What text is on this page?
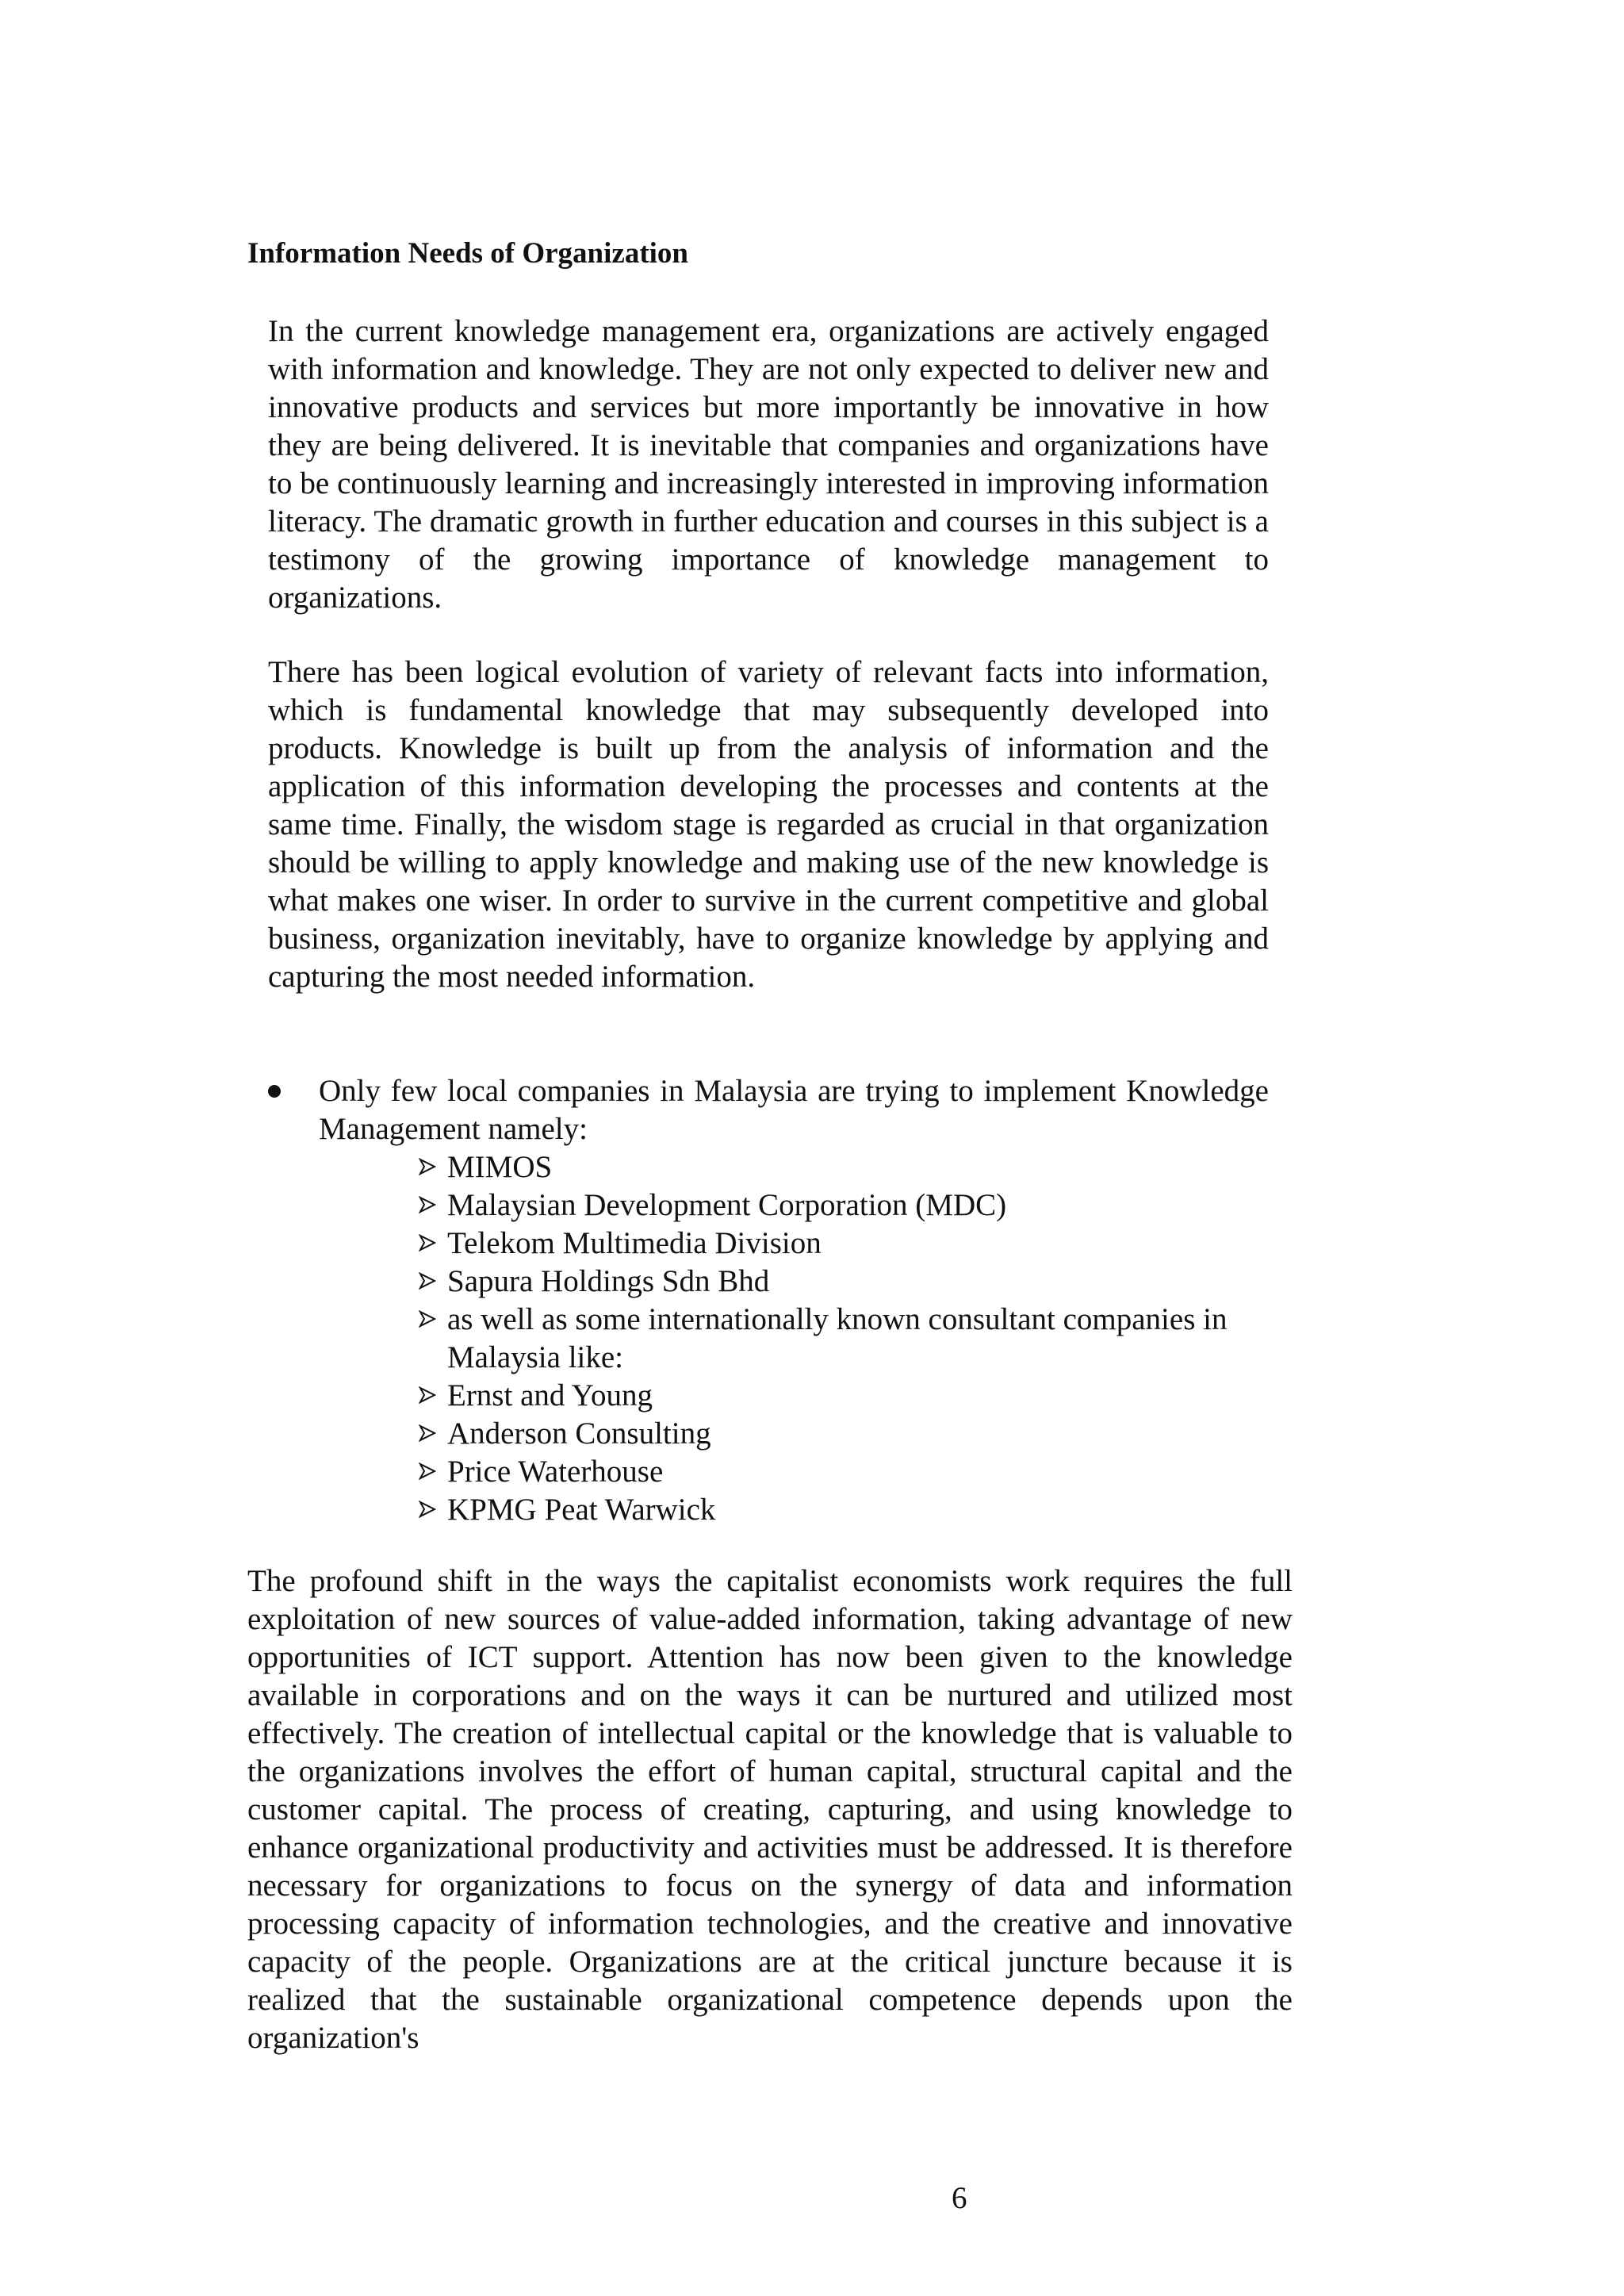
Information Needs of Organization

In the current knowledge management era, organizations are actively engaged with information and knowledge. They are not only expected to deliver new and innovative products and services but more importantly be innovative in how they are being delivered. It is inevitable that companies and organizations have to be continuously learning and increasingly interested in improving information literacy. The dramatic growth in further education and courses in this subject is a testimony of the growing importance of knowledge management to organizations.

There has been logical evolution of variety of relevant facts into information, which is fundamental knowledge that may subsequently developed into products. Knowledge is built up from the analysis of information and the application of this information developing the processes and contents at the same time. Finally, the wisdom stage is regarded as crucial in that organization should be willing to apply knowledge and making use of the new knowledge is what makes one wiser. In order to survive in the current competitive and global business, organization inevitably, have to organize knowledge by applying and capturing the most needed information.

Only few local companies in Malaysia are trying to implement Knowledge Management namely:

MIMOS
Malaysian Development Corporation (MDC)
Telekom Multimedia Division
Sapura Holdings Sdn Bhd
as well as some internationally known consultant companies in Malaysia like:
Ernst and Young
Anderson Consulting
Price Waterhouse
KPMG Peat Warwick

The profound shift in the ways the capitalist economists work requires the full exploitation of new sources of value-added information, taking advantage of new opportunities of ICT support. Attention has now been given to the knowledge available in corporations and on the ways it can be nurtured and utilized most effectively. The creation of intellectual capital or the knowledge that is valuable to the organizations involves the effort of human capital, structural capital and the customer capital. The process of creating, capturing, and using knowledge to enhance organizational productivity and activities must be addressed. It is therefore necessary for organizations to focus on the synergy of data and information processing capacity of information technologies, and the creative and innovative capacity of the people. Organizations are at the critical juncture because it is realized that the sustainable organizational competence depends upon the organization's

6
